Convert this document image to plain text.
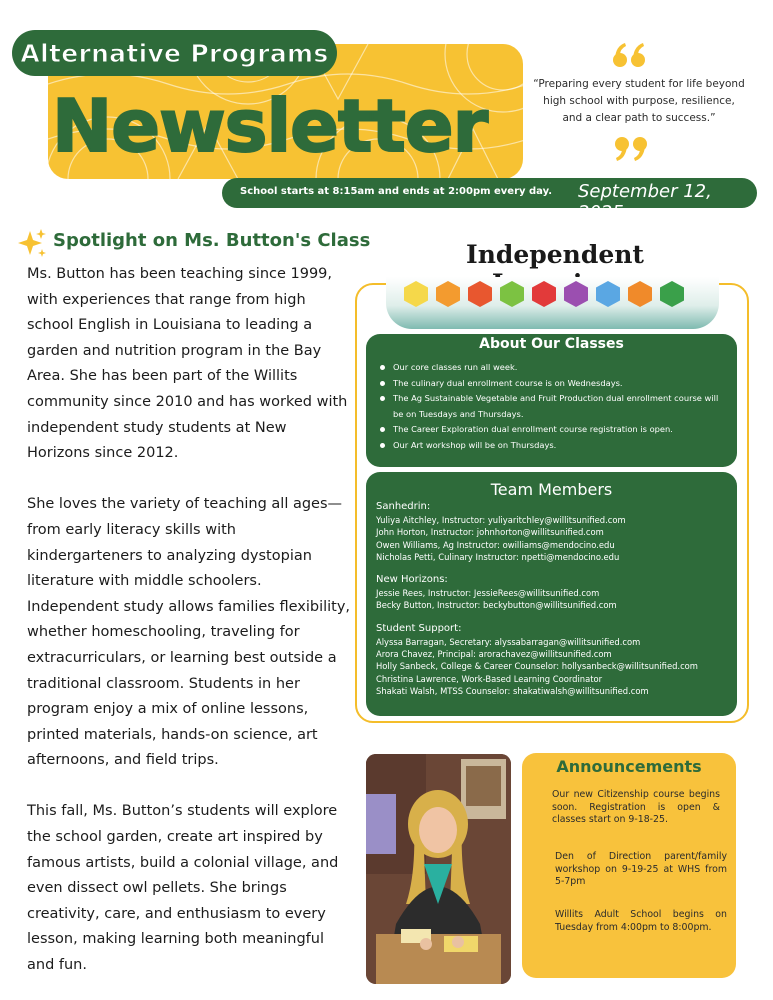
Alternative Programs
Newsletter	“Preparing every student for life beyond high school with purpose, resilience, and a clear path to success.”
School starts at 8:15am and ends at 2:00pm every day. September 12, 2025
Spotlight on Ms. Button's Class

Ms. Button has been teaching since 1999, with experiences that range from high school English in Louisiana to leading a garden and nutrition program in the Bay Area. She has been part of the Willits community since 2010 and has worked with independent study students at New Horizons since 2012.

She loves the variety of teaching all ages—from early literacy skills with kindergarteners to analyzing dystopian literature with middle schoolers. Independent study allows families flexibility, whether homeschooling, traveling for extracurriculars, or learning best outside a traditional classroom. Students in her program enjoy a mix of online lessons, printed materials, hands-on science, art afternoons, and field trips.

This fall, Ms. Button’s students will explore the school garden, create art inspired by famous artists, build a colonial village, and even dissect owl pellets. She brings creativity, care, and enthusiasm to every lesson, making learning both meaningful and fun.

Independent
About Our Classes
Our core classes run all week.
The culinary dual enrollment course is on Wednesdays.
The Ag Sustainable Vegetable and Fruit Production dual enrollment course will be on Tuesdays and Thursdays.
The Career Exploration dual enrollment course registration is open.
Our Art workshop will be on Thursdays.
Team Members
Sanhedrin:
Yuliya Aitchley, Instructor: yuliyaritchley@willitsunified.com
John Horton, Instructor: johnhorton@willitsunified.com
Owen Williams, Ag Instructor: owilliams@mendocino.edu
Nicholas Petti, Culinary Instructor: npetti@mendocino.edu
New Horizons:
Jessie Rees, Instructor: JessieRees@willitsunified.com
Becky Button, Instructor: beckybutton@willitsunified.com
Student Support:
Alyssa Barragan, Secretary: alyssabarragan@willitsunified.com
Arora Chavez, Principal: arorachavez@willitsunified.com
Holly Sanbeck, College & Career Counselor: hollysanbeck@willitsunified.com
Christina Lawrence, Work-Based Learning Coordinator
Shakati Walsh, MTSS Counselor: shakatiwalsh@willitsunified.com
Announcements
Our new Citizenship course begins soon. Registration is open & classes start on 9-18-25.
Den of Direction parent/family workshop on 9-19-25 at WHS from 5-7pm
Willits Adult School begins on Tuesday from 4:00pm to 8:00pm.
